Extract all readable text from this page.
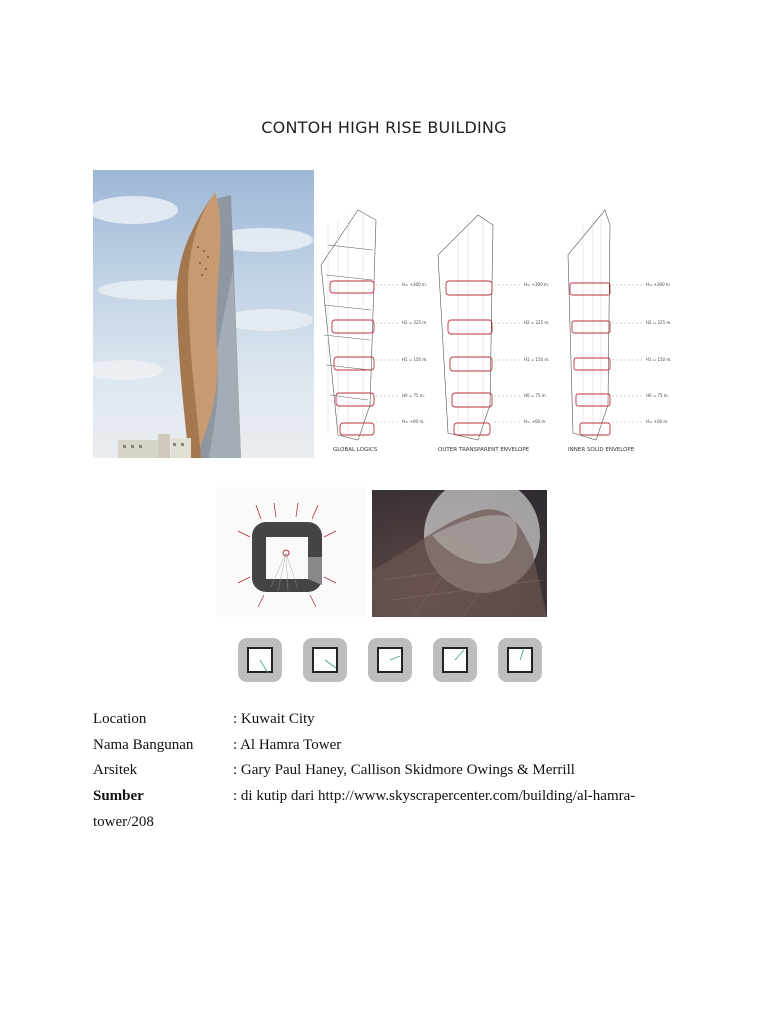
CONTOH HIGH RISE BUILDING
H= +300 m.
H2 = 225 m.
H1 = 150 m.
H0 = 75 m.
H= +00 m.
H= +300 m.
H2 = 225 m.
H1 = 150 m.
H0 = 75 m.
H= +00 m.
H= +300 m.
H2 = 225 m.
H1 = 150 m.
H0 = 75 m.
H= +00 m.
GLOBAL LOGICS	OUTER TRANSPARENT ENVELOPE	INNER SOLID ENVELOPE
Location	: Kuwait City
Nama Bangunan	: Al Hamra Tower
Arsitek	: Gary Paul Haney, Callison Skidmore Owings & Merrill
Sumber	: di kutip dari http://www.skyscrapercenter.com/building/al-hamra-
tower/208
